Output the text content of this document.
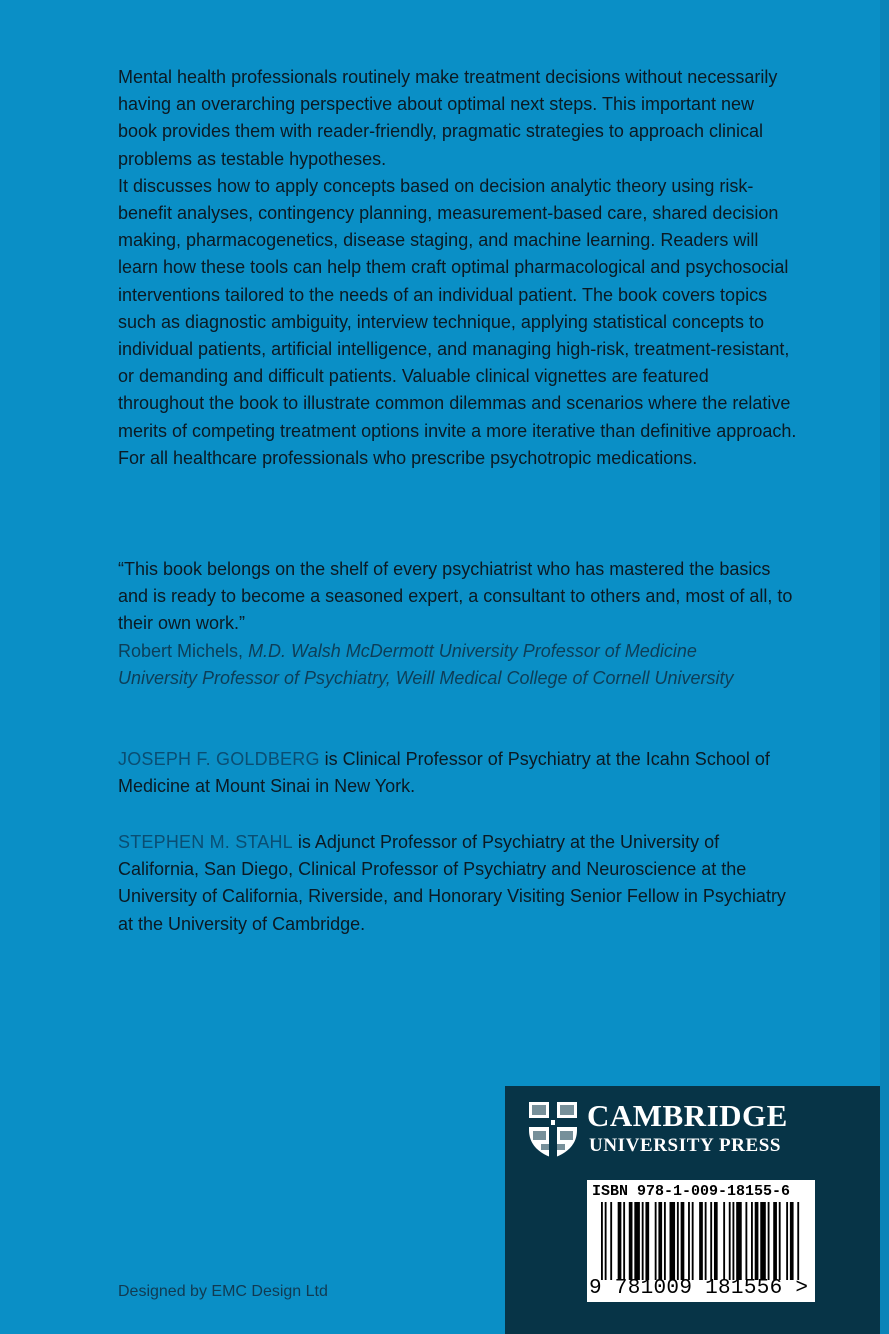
Mental health professionals routinely make treatment decisions without necessarily having an overarching perspective about optimal next steps. This important new book provides them with reader-friendly, pragmatic strategies to approach clinical problems as testable hypotheses.

It discusses how to apply concepts based on decision analytic theory using risk-benefit analyses, contingency planning, measurement-based care, shared decision making, pharmacogenetics, disease staging, and machine learning. Readers will learn how these tools can help them craft optimal pharmacological and psychosocial interventions tailored to the needs of an individual patient. The book covers topics such as diagnostic ambiguity, interview technique, applying statistical concepts to individual patients, artificial intelligence, and managing high-risk, treatment-resistant, or demanding and difficult patients. Valuable clinical vignettes are featured throughout the book to illustrate common dilemmas and scenarios where the relative merits of competing treatment options invite a more iterative than definitive approach. For all healthcare professionals who prescribe psychotropic medications.

“This book belongs on the shelf of every psychiatrist who has mastered the basics and is ready to become a seasoned expert, a consultant to others and, most of all, to their own work.”

Robert Michels, M.D. Walsh McDermott University Professor of Medicine
University Professor of Psychiatry, Weill Medical College of Cornell University

JOSEPH F. GOLDBERG is Clinical Professor of Psychiatry at the Icahn School of Medicine at Mount Sinai in New York.
STEPHEN M. STAHL is Adjunct Professor of Psychiatry at the University of California, San Diego, Clinical Professor of Psychiatry and Neuroscience at the University of California, Riverside, and Honorary Visiting Senior Fellow in Psychiatry at the University of Cambridge.
Designed by EMC Design Ltd
CAMBRIDGE
UNIVERSITY PRESS
ISBN 978-1-009-18155-6
9 781009 181556 >
